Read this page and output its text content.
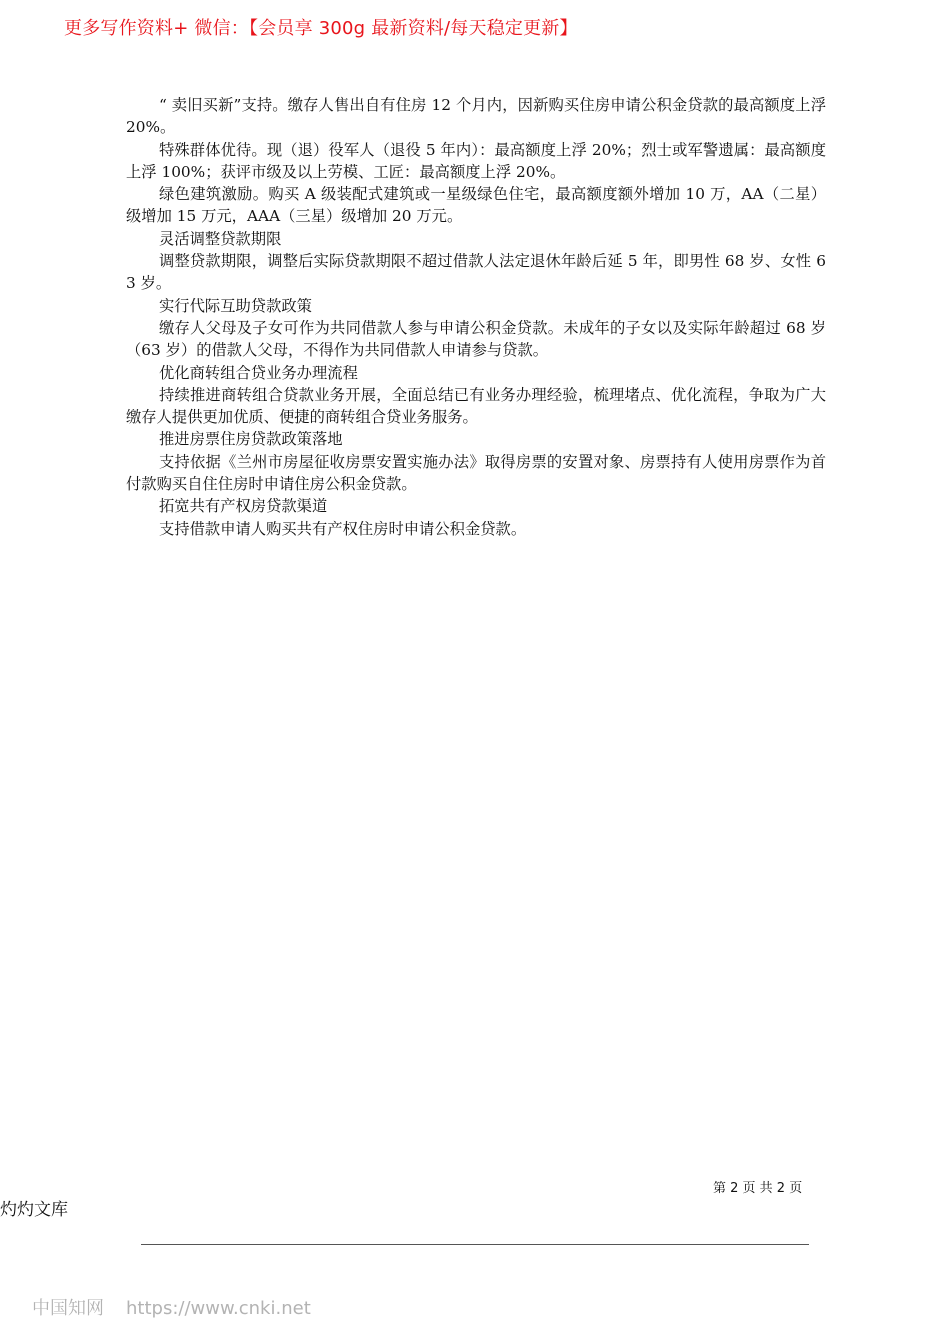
更多写作资料+ 微信：【会员享 300g 最新资料/每天稳定更新】

“ 卖旧买新”支持。缴存人售出自有住房 12 个月内，因新购买住房申请公积金贷款的最高额度上浮 20%。

特殊群体优待。现（退）役军人（退役 5 年内）：最高额度上浮 20%；烈士或军警遗属：最高额度上浮 100%；获评市级及以上劳模、工匠：最高额度上浮 20%。

绿色建筑激励。购买 A 级装配式建筑或一星级绿色住宅，最高额度额外增加 10 万，AA（二星）级增加 15 万元，AAA（三星）级增加 20 万元。

灵活调整贷款期限

调整贷款期限，调整后实际贷款期限不超过借款人法定退休年龄后延 5 年，即男性 68 岁、女性 63 岁。

实行代际互助贷款政策

缴存人父母及子女可作为共同借款人参与申请公积金贷款。未成年的子女以及实际年龄超过 68 岁（63 岁）的借款人父母，不得作为共同借款人申请参与贷款。

优化商转组合贷业务办理流程

持续推进商转组合贷款业务开展，全面总结已有业务办理经验，梳理堵点、优化流程，争取为广大缴存人提供更加优质、便捷的商转组合贷业务服务。

推进房票住房贷款政策落地

支持依据《兰州市房屋征收房票安置实施办法》取得房票的安置对象、房票持有人使用房票作为首付款购买自住住房时申请住房公积金贷款。

拓宽共有产权房贷款渠道

支持借款申请人购买共有产权住房时申请公积金贷款。

第 2 页 共 2 页
灼灼文库
中国知网 https://www.cnki.net
